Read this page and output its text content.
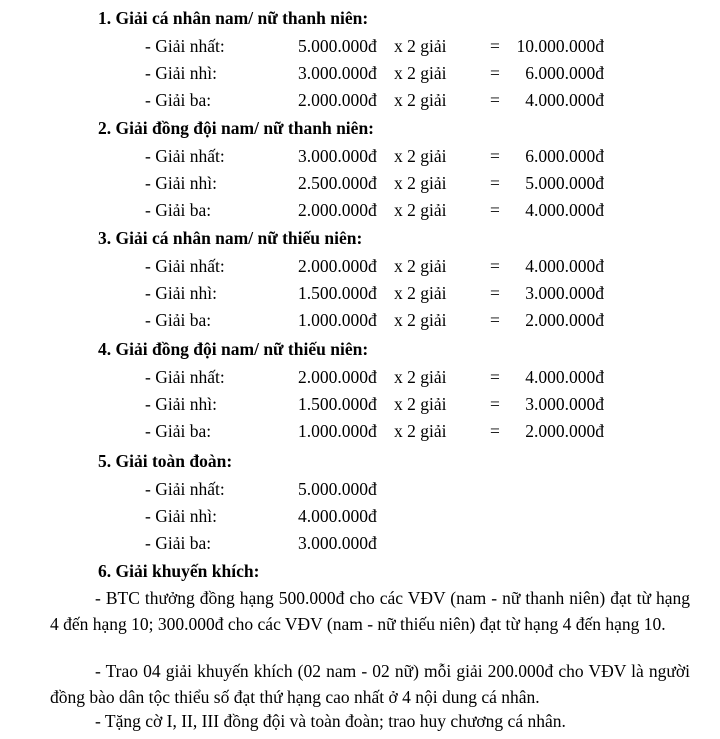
1. Giải cá nhân nam/ nữ thanh niên:
- Giải nhất:	5.000.000đ x 2 giải = 10.000.000đ
- Giải nhì:	3.000.000đ x 2 giải = 6.000.000đ
- Giải ba:	2.000.000đ x 2 giải = 4.000.000đ
2. Giải đồng đội nam/ nữ thanh niên:
- Giải nhất:	3.000.000đ x 2 giải = 6.000.000đ
- Giải nhì:	2.500.000đ x 2 giải = 5.000.000đ
- Giải ba:	2.000.000đ x 2 giải = 4.000.000đ
3. Giải cá nhân nam/ nữ thiếu niên:
- Giải nhất:	2.000.000đ x 2 giải = 4.000.000đ
- Giải nhì:	1.500.000đ x 2 giải = 3.000.000đ
- Giải ba:	1.000.000đ x 2 giải = 2.000.000đ
4. Giải đồng đội nam/ nữ thiếu niên:
- Giải nhất:	2.000.000đ x 2 giải = 4.000.000đ
- Giải nhì:	1.500.000đ x 2 giải = 3.000.000đ
- Giải ba:	1.000.000đ x 2 giải = 2.000.000đ
5. Giải toàn đoàn:
- Giải nhất:	5.000.000đ
- Giải nhì:	4.000.000đ
- Giải ba:	3.000.000đ
6. Giải khuyến khích:
- BTC thưởng đồng hạng 500.000đ cho các VĐV (nam - nữ thanh niên) đạt từ hạng 4 đến hạng 10; 300.000đ cho các VĐV (nam - nữ thiếu niên) đạt từ hạng 4 đến hạng 10.
- Trao 04 giải khuyến khích (02 nam - 02 nữ) mỗi giải 200.000đ cho VĐV là người đồng bào dân tộc thiểu số đạt thứ hạng cao nhất ở 4 nội dung cá nhân.
- Tặng cờ I, II, III đồng đội và toàn đoàn; trao huy chương cá nhân.
